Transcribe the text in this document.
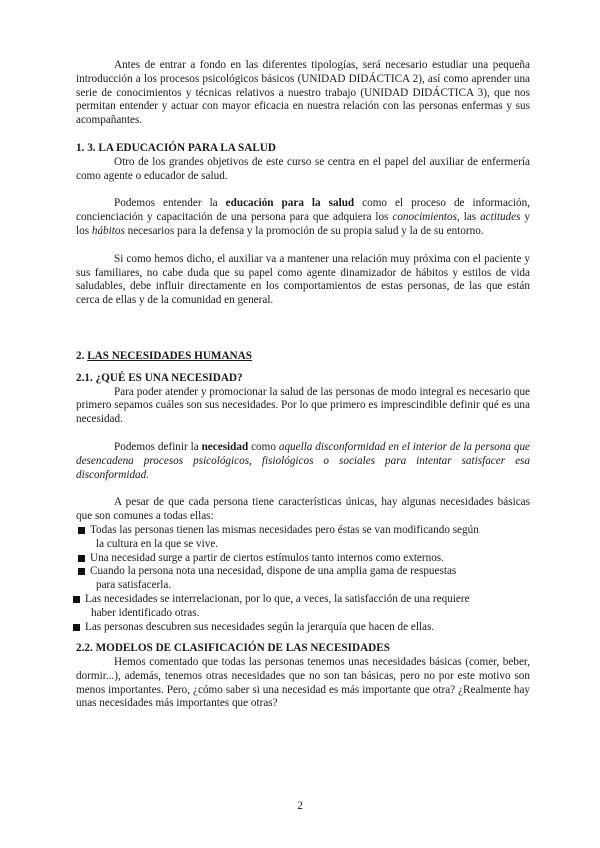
Antes de entrar a fondo en las diferentes tipologías, será necesario estudiar una pequeña introducción a los procesos psicológicos básicos (UNIDAD DIDÁCTICA 2), así como aprender una serie de conocimientos y técnicas relativos a nuestro trabajo (UNIDAD DIDÁCTICA 3), que nos permitan entender y actuar con mayor eficacia en nuestra relación con las personas enfermas y sus acompañantes.

1. 3. LA EDUCACIÓN PARA LA SALUD

Otro de los grandes objetivos de este curso se centra en el papel del auxiliar de enfermería como agente o educador de salud.

Podemos entender la educación para la salud como el proceso de información, concienciación y capacitación de una persona para que adquiera los conocimientos, las actitudes y los hábitos necesarios para la defensa y la promoción de su propia salud y la de su entorno.

Si como hemos dicho, el auxiliar va a mantener una relación muy próxima con el paciente y sus familiares, no cabe duda que su papel como agente dinamizador de hábitos y estilos de vida saludables, debe influir directamente en los comportamientos de estas personas, de las que están cerca de ellas y de la comunidad en general.

2. LAS NECESIDADES HUMANAS
2.1. ¿QUÉ ES UNA NECESIDAD?

Para poder atender y promocionar la salud de las personas de modo integral es necesario que primero sepamos cuáles son sus necesidades. Por lo que primero es imprescindible definir qué es una necesidad.

Podemos definir la necesidad como aquella disconformidad en el interior de la persona que desencadena procesos psicológicos, fisiológicos o sociales para intentar satisfacer esa disconformidad.

A pesar de que cada persona tiene características únicas, hay algunas necesidades básicas que son comunes a todas ellas:

Todas las personas tienen las mismas necesidades pero éstas se van modificando según
la cultura en la que se vive.
Una necesidad surge a partir de ciertos estímulos tanto internos como externos.
Cuando la persona nota una necesidad, dispone de una amplia gama de respuestas
para satisfacerla.
Las necesidades se interrelacionan, por lo que, a veces, la satisfacción de una requiere
haber identificado otras.
Las personas descubren sus necesidades según la jerarquía que hacen de ellas.
2.2. MODELOS DE CLASIFICACIÓN DE LAS NECESIDADES

Hemos comentado que todas las personas tenemos unas necesidades básicas (comer, beber, dormir...), además, tenemos otras necesidades que no son tan básicas, pero no por este motivo son menos importantes. Pero, ¿cómo saber si una necesidad es más importante que otra? ¿Realmente hay unas necesidades más importantes que otras?

2
